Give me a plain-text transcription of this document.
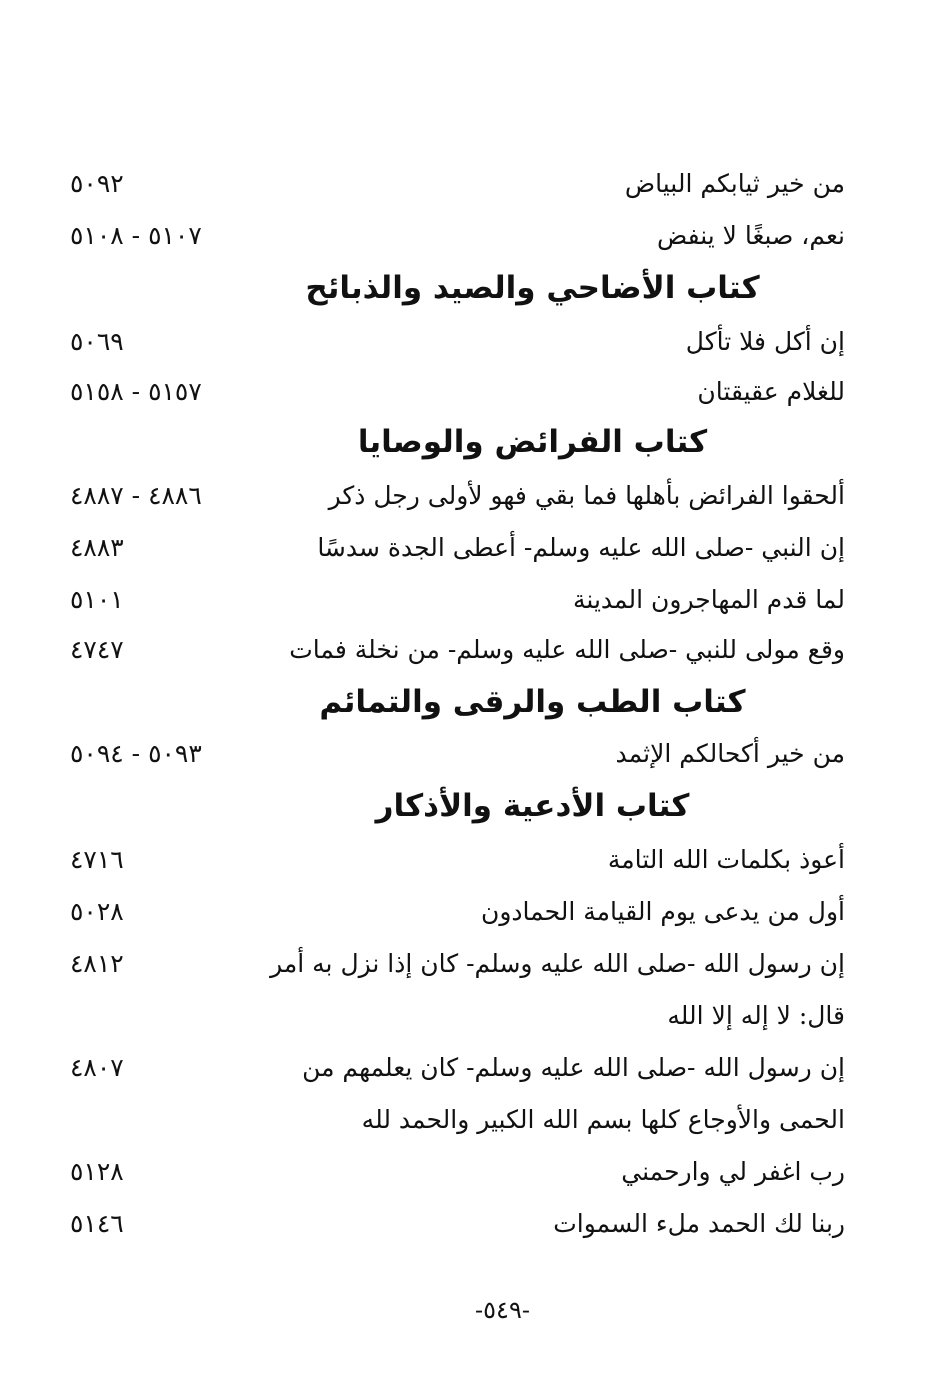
من خير ثيابكم البياض
٥٠٩٢
نعم، صبغًا لا ينفض
٥١٠٧ - ٥١٠٨
كتاب الأضاحي والصيد والذبائح
إن أكل فلا تأكل
٥٠٦٩
للغلام عقيقتان
٥١٥٧ - ٥١٥٨
كتاب الفرائض والوصايا
ألحقوا الفرائض بأهلها فما بقي فهو لأولى رجل ذكر
٤٨٨٦ - ٤٨٨٧
إن النبي -صلى الله عليه وسلم- أعطى الجدة سدسًا
٤٨٨٣
لما قدم المهاجرون المدينة
٥١٠١
وقع مولى للنبي -صلى الله عليه وسلم- من نخلة فمات
٤٧٤٧
كتاب الطب والرقى والتمائم
من خير أكحالكم الإثمد
٥٠٩٣ - ٥٠٩٤
كتاب الأدعية والأذكار
أعوذ بكلمات الله التامة
٤٧١٦
أول من يدعى يوم القيامة الحمادون
٥٠٢٨
إن رسول الله -صلى الله عليه وسلم- كان إذا نزل به أمر
٤٨١٢
قال: لا إله إلا الله
إن رسول الله -صلى الله عليه وسلم- كان يعلمهم من
٤٨٠٧
الحمى والأوجاع كلها بسم الله الكبير والحمد لله
رب اغفر لي وارحمني
٥١٢٨
ربنا لك الحمد ملء السموات
٥١٤٦
-٥٤٩-
